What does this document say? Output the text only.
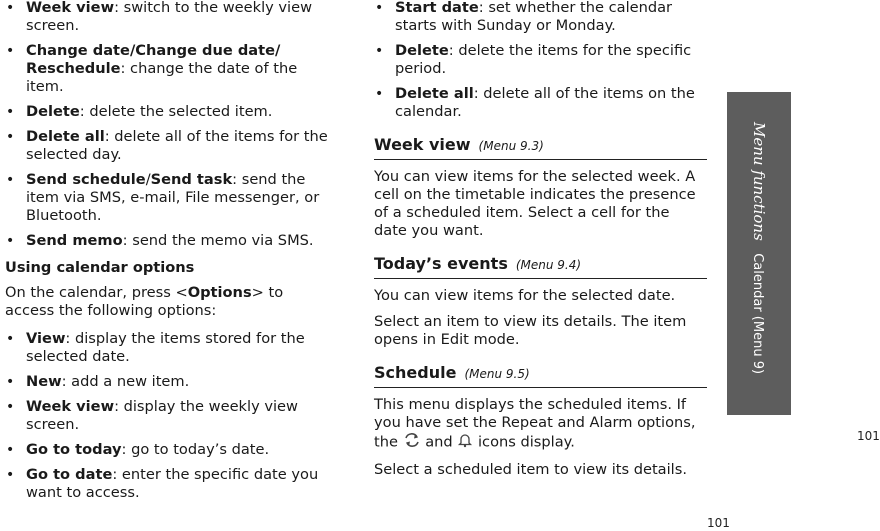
• Week view: switch to the weekly view screen.
• Change date/Change due date/ Reschedule: change the date of the item.
• Delete: delete the selected item.
• Delete all: delete all of the items for the selected day.
• Send schedule/Send task: send the item via SMS, e-mail, File messenger, or Bluetooth.
• Send memo: send the memo via SMS.
Using calendar options

On the calendar, press <Options> to access the following options:

• View: display the items stored for the selected date.
• New: add a new item.
• Week view: display the weekly view screen.
• Go to today: go to today’s date.
• Go to date: enter the specific date you want to access.
• Start date: set whether the calendar starts with Sunday or Monday.
• Delete: delete the items for the specific period.
• Delete all: delete all of the items on the calendar.
Week view (Menu 9.3)

You can view items for the selected week. A cell on the timetable indicates the presence of a scheduled item. Select a cell for the date you want.

Today’s events (Menu 9.4)

You can view items for the selected date.

Select an item to view its details. The item opens in Edit mode.

Schedule (Menu 9.5)

This menu displays the scheduled items. If you have set the Repeat and Alarm options, the and icons display.

Select a scheduled item to view its details.

Menu functions   Calendar (Menu 9)
101
101
